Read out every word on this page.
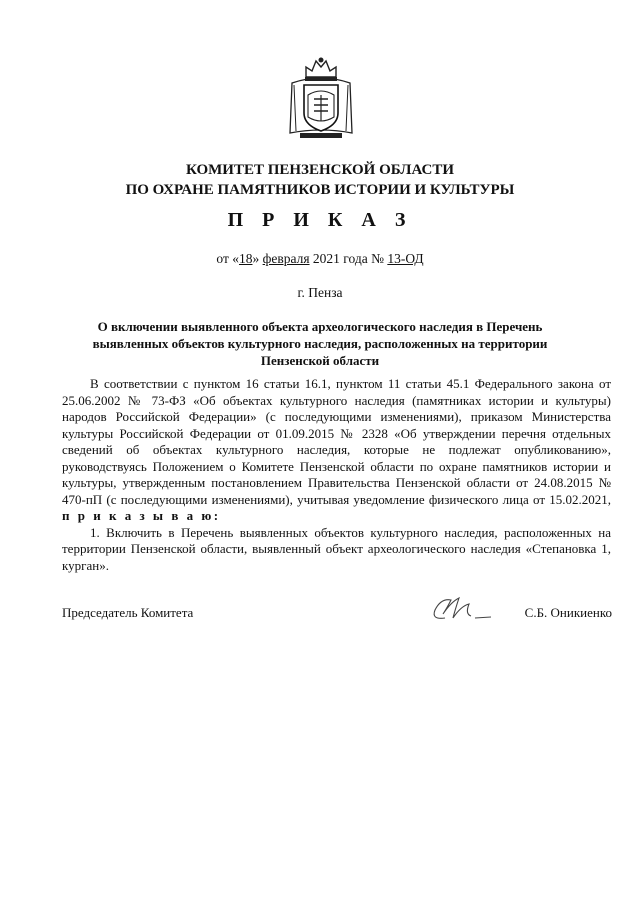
КОМИТЕТ ПЕНЗЕНСКОЙ ОБЛАСТИ
ПО ОХРАНЕ ПАМЯТНИКОВ ИСТОРИИ И КУЛЬТУРЫ
П Р И К А З
от «18» февраля 2021 года № 13-ОД
г. Пенза
О включении выявленного объекта археологического наследия в Перечень выявленных объектов культурного наследия, расположенных на территории Пензенской области

В соответствии с пунктом 16 статьи 16.1, пунктом 11 статьи 45.1 Федерального закона от 25.06.2002 № 73-ФЗ «Об объектах культурного наследия (памятниках истории и культуры) народов Российской Федерации» (с последующими изменениями), приказом Министерства культуры Российской Федерации от 01.09.2015 № 2328 «Об утверждении перечня отдельных сведений об объектах культурного наследия, которые не подлежат опубликованию», руководствуясь Положением о Комитете Пензенской области по охране памятников истории и культуры, утвержденным постановлением Правительства Пензенской области от 24.08.2015 № 470-пП (с последующими изменениями), учитывая уведомление физического лица от 15.02.2021, п р и к а з ы в а ю:

1. Включить в Перечень выявленных объектов культурного наследия, расположенных на территории Пензенской области, выявленный объект археологического наследия «Степановка 1, курган».

Председатель Комитета	С.Б. Оникиенко
